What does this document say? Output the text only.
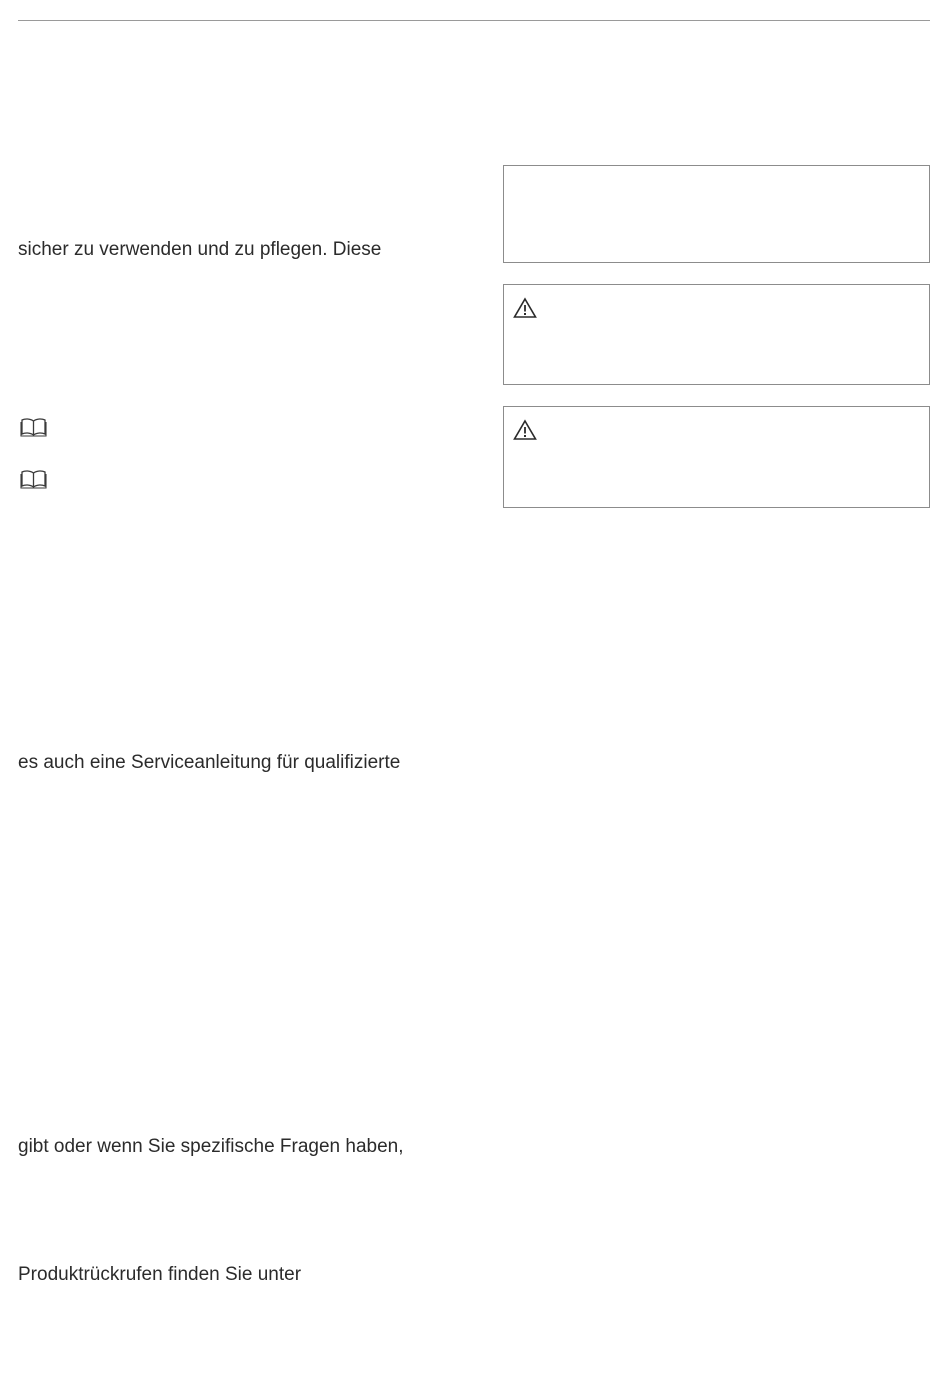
sicher zu verwenden und zu pflegen. Diese
es auch eine Serviceanleitung für qualifizierte
gibt oder wenn Sie spezifische Fragen haben,
Produktrückrufen finden Sie unter
